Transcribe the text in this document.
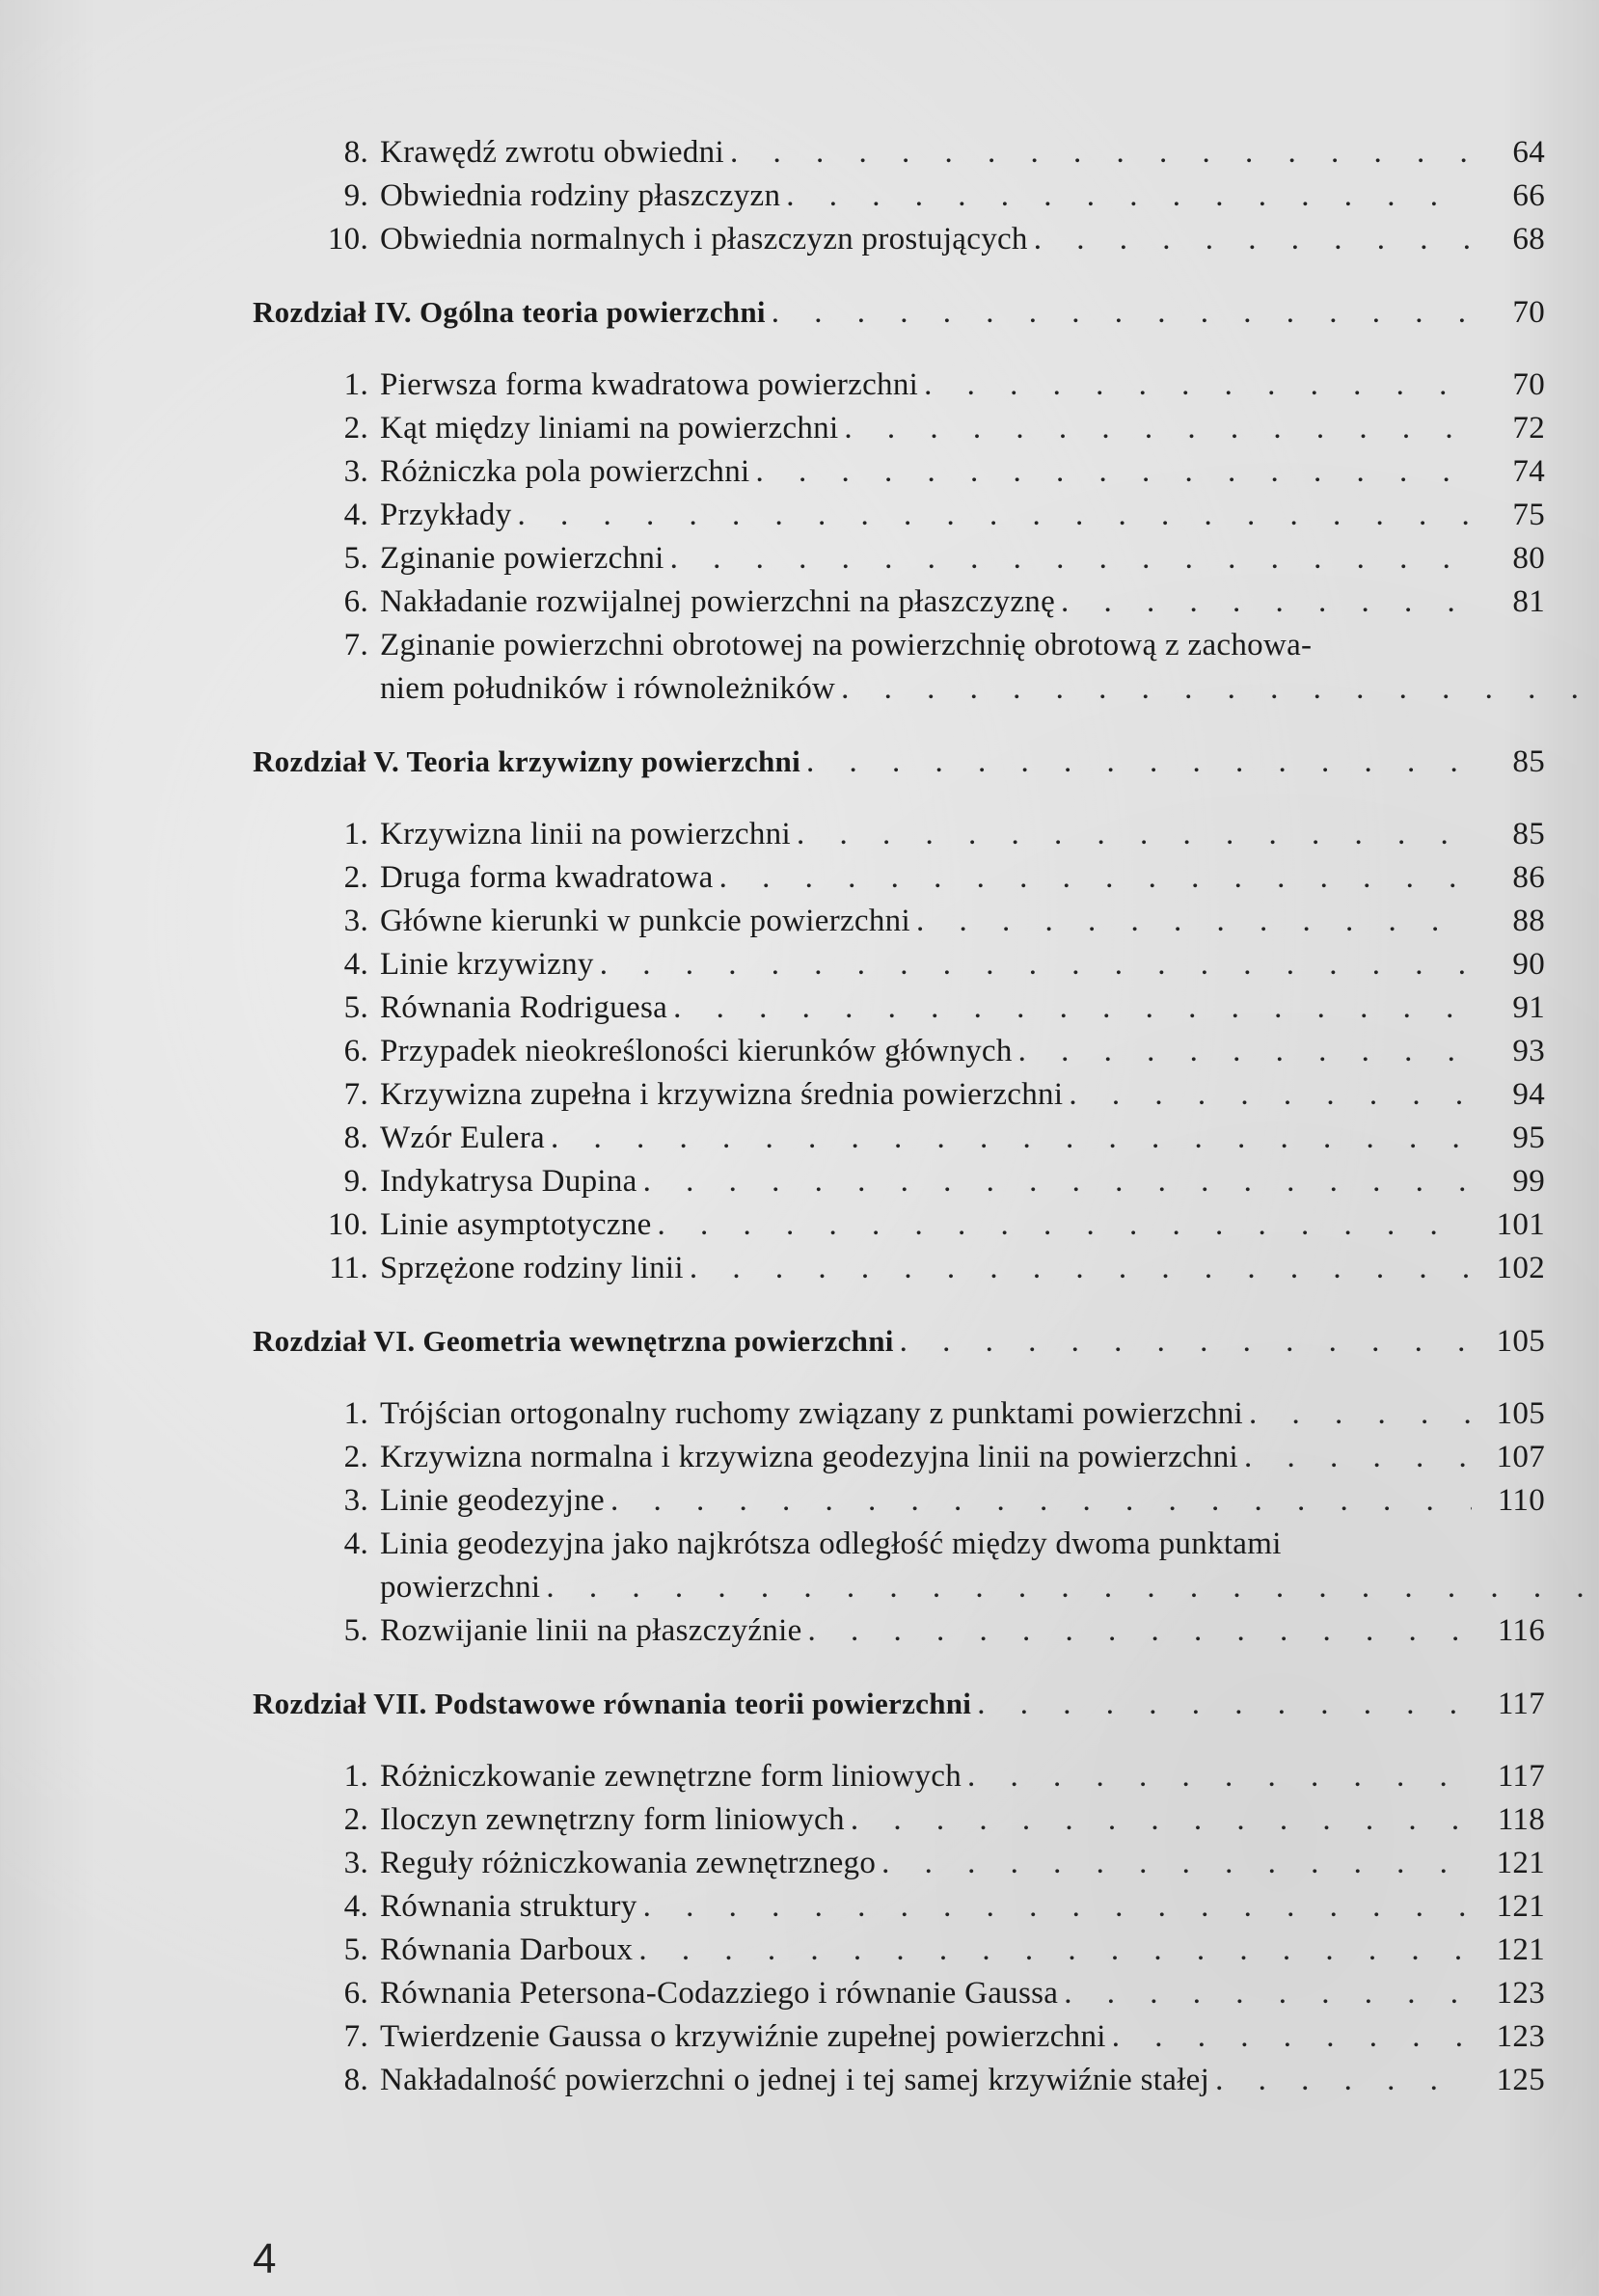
8. Krawędź zwrotu obwiedni . . .	64
9. Obwiednia rodziny płaszczyzn . . .	66
10. Obwiednia normalnych i płaszczyzn prostujących . . .	68
Rozdział IV. Ogólna teoria powierzchni . . .	70
1. Pierwsza forma kwadratowa powierzchni . . .	70
2. Kąt między liniami na powierzchni . . .	72
3. Różniczka pola powierzchni . . .	74
4. Przykłady . . .	75
5. Zginanie powierzchni . . .	80
6. Nakładanie rozwijalnej powierzchni na płaszczyznę . . .	81
7. Zginanie powierzchni obrotowej na powierzchnię obrotową z zachowa-
niem południków i równoleżników
. . .
Rozdział V. Teoria krzywizny powierzchni . . .	85
1. Krzywizna linii na powierzchni . . .	85
2. Druga forma kwadratowa . . .	86
3. Główne kierunki w punkcie powierzchni . . .	88
4. Linie krzywizny . . .	90
5. Równania Rodriguesa . . .	91
6. Przypadek nieokreśloności kierunków głównych . . .	93
7. Krzywizna zupełna i krzywizna średnia powierzchni . . .	94
8. Wzór Eulera . . .	95
9. Indykatrysa Dupina . . .	99
10. Linie asymptotyczne . . .	101
11. Sprzężone rodziny linii . . .	102
Rozdział VI. Geometria wewnętrzna powierzchni . . .	105
1. Trójścian ortogonalny ruchomy związany z punktami powierzchni . . .	105
2. Krzywizna normalna i krzywizna geodezyjna linii na powierzchni . . .	107
3. Linie geodezyjne . . .	110
4. Linia geodezyjna jako najkrótsza odległość między dwoma punktami
powierzchni
. . .
5. Rozwijanie linii na płaszczyźnie . . .	116
Rozdział VII. Podstawowe równania teorii powierzchni . . .	117
1. Różniczkowanie zewnętrzne form liniowych . . .	117
2. Iloczyn zewnętrzny form liniowych . . .	118
3. Reguły różniczkowania zewnętrznego . . .	121
4. Równania struktury . . .	121
5. Równania Darboux . . .	121
6. Równania Petersona-Codazziego i równanie Gaussa . . .	123
7. Twierdzenie Gaussa o krzywiźnie zupełnej powierzchni . . .	123
8. Nakładalność powierzchni o jednej i tej samej krzywiźnie stałej . . .	125
4
